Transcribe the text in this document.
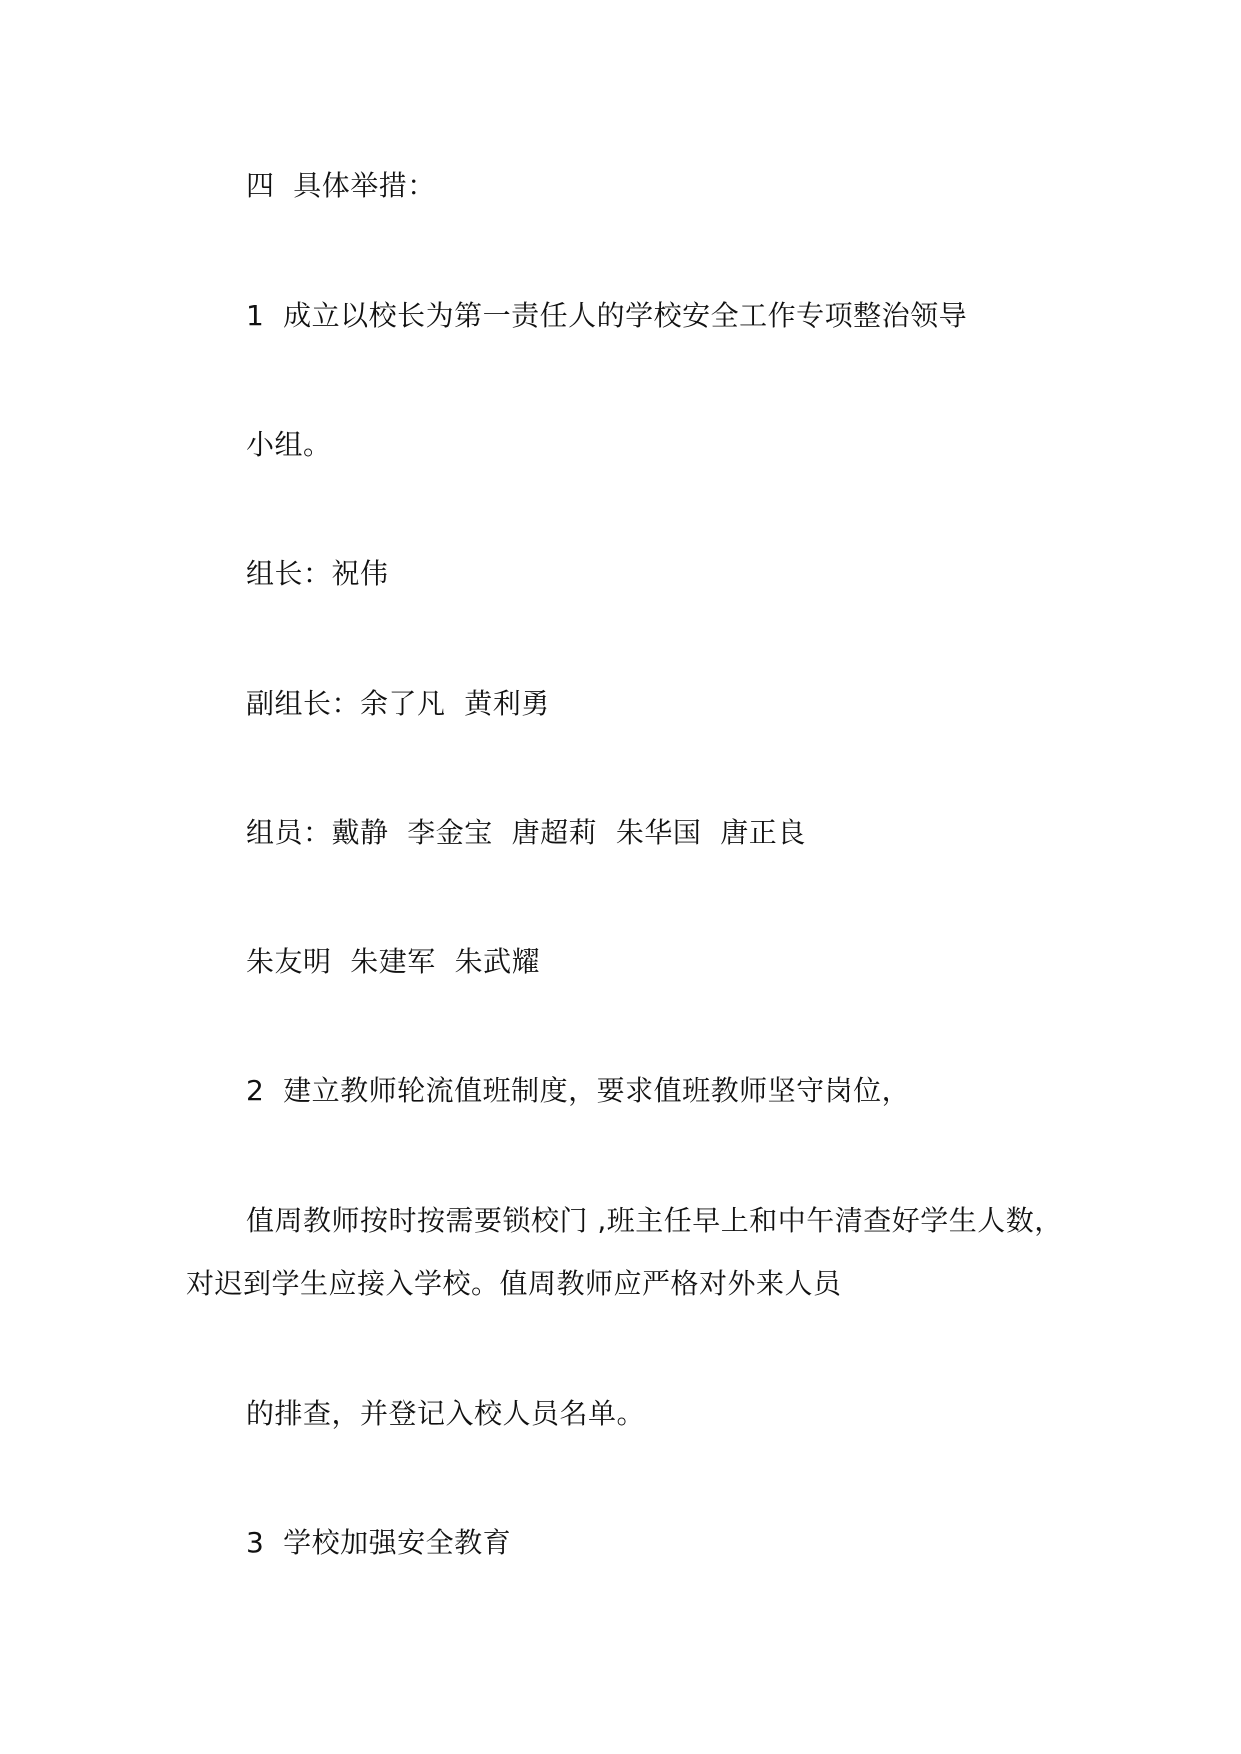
四  具体举措：
1  成立以校长为第一责任人的学校安全工作专项整治领导
小组。
组长：祝伟
副组长：余了凡  黄利勇
组员：戴静  李金宝  唐超莉  朱华国  唐正良
朱友明  朱建军  朱武耀
2  建立教师轮流值班制度，要求值班教师坚守岗位，
值周教师按时按需要锁校门 ,班主任早上和中午清查好学生人数，
对迟到学生应接入学校。值周教师应严格对外来人员
的排查，并登记入校人员名单。
3  学校加强安全教育
